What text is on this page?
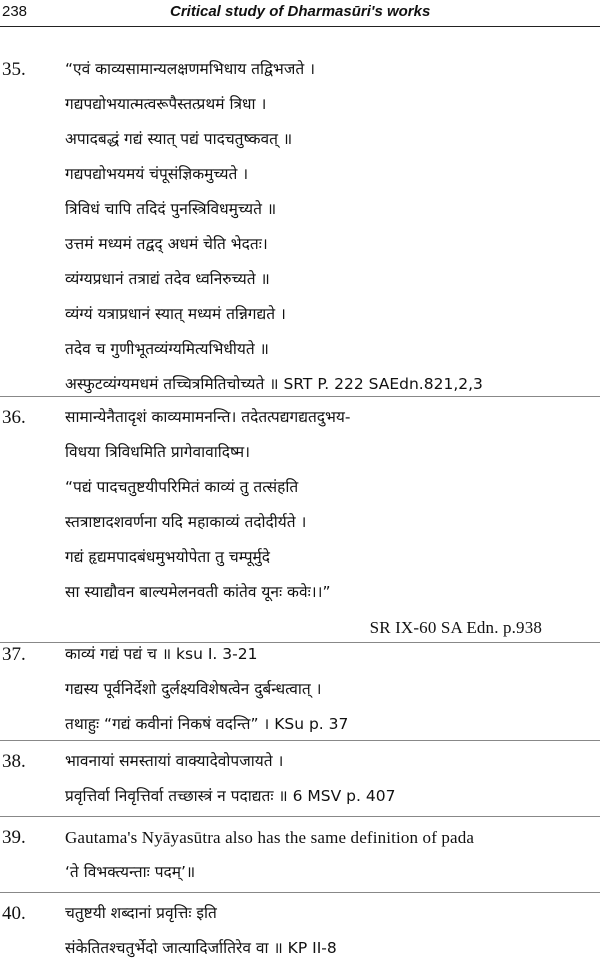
238	Critical study of Dharmasūri's works
35.	“एवं काव्यसामान्यलक्षणमभिधाय तद्विभजते ।
गद्यपद्योभयात्मत्वरूपैस्तत्प्रथमं त्रिधा ।
अपादबद्धं गद्यं स्यात् पद्यं पादचतुष्कवत् ॥
गद्यपद्योभयमयं चंपूसंज्ञिकमुच्यते ।
त्रिविधं चापि तदिदं पुनस्त्रिविधमुच्यते ॥
उत्तमं मध्यमं तद्वद् अधमं चेति भेदतः।
व्यंग्यप्रधानं तत्राद्यं तदेव ध्वनिरुच्यते ॥
व्यंग्यं यत्राप्रधानं स्यात् मध्यमं तन्निगद्यते ।
तदेव च गुणीभूतव्यंग्यमित्यभिधीयते ॥
अस्फुटव्यंग्यमधमं तच्चित्रमितिचोच्यते ॥ SRT P. 222 SAEdn.821,2,3
36.	सामान्येनैतादृशं काव्यमामनन्ति। तदेतत्पद्यगद्यतदुभय-
विधया त्रिविधमिति प्रागेवावादिष्म।
“पद्यं पादचतुष्टयीपरिमितं काव्यं तु तत्संहति
स्तत्राष्टादशवर्णना यदि महाकाव्यं तदोदीर्यते ।
गद्यं हृद्यमपादबंधमुभयोपेता तु चम्पूर्मुदे
सा स्याद्यौवन बाल्यमेलनवती कांतेव यूनः कवेः।।”
SR IX-60 SA Edn. p.938
37.	काव्यं गद्यं पद्यं च ॥ ksu I. 3-21
गद्यस्य पूर्वनिर्देशो दुर्लक्ष्यविशेषत्वेन दुर्बन्धत्वात् ।
तथाहुः “गद्यं कवीनां निकषं वदन्ति” । KSu p. 37
38.	भावनायां समस्तायां वाक्यादेवोपजायते ।
प्रवृत्तिर्वा निवृत्तिर्वा तच्छास्त्रं न पदाद्यतः ॥ 6 MSV p. 407
39. Gautama's Nyāyasūtra also has the same definition of pada
‘ते विभक्त्यन्ताः पदम्’॥
40.	चतुष्टयी शब्दानां प्रवृत्तिः इति
संकेतितश्चतुर्भेदो जात्यादिर्जातिरेव वा ॥ KP II-8
